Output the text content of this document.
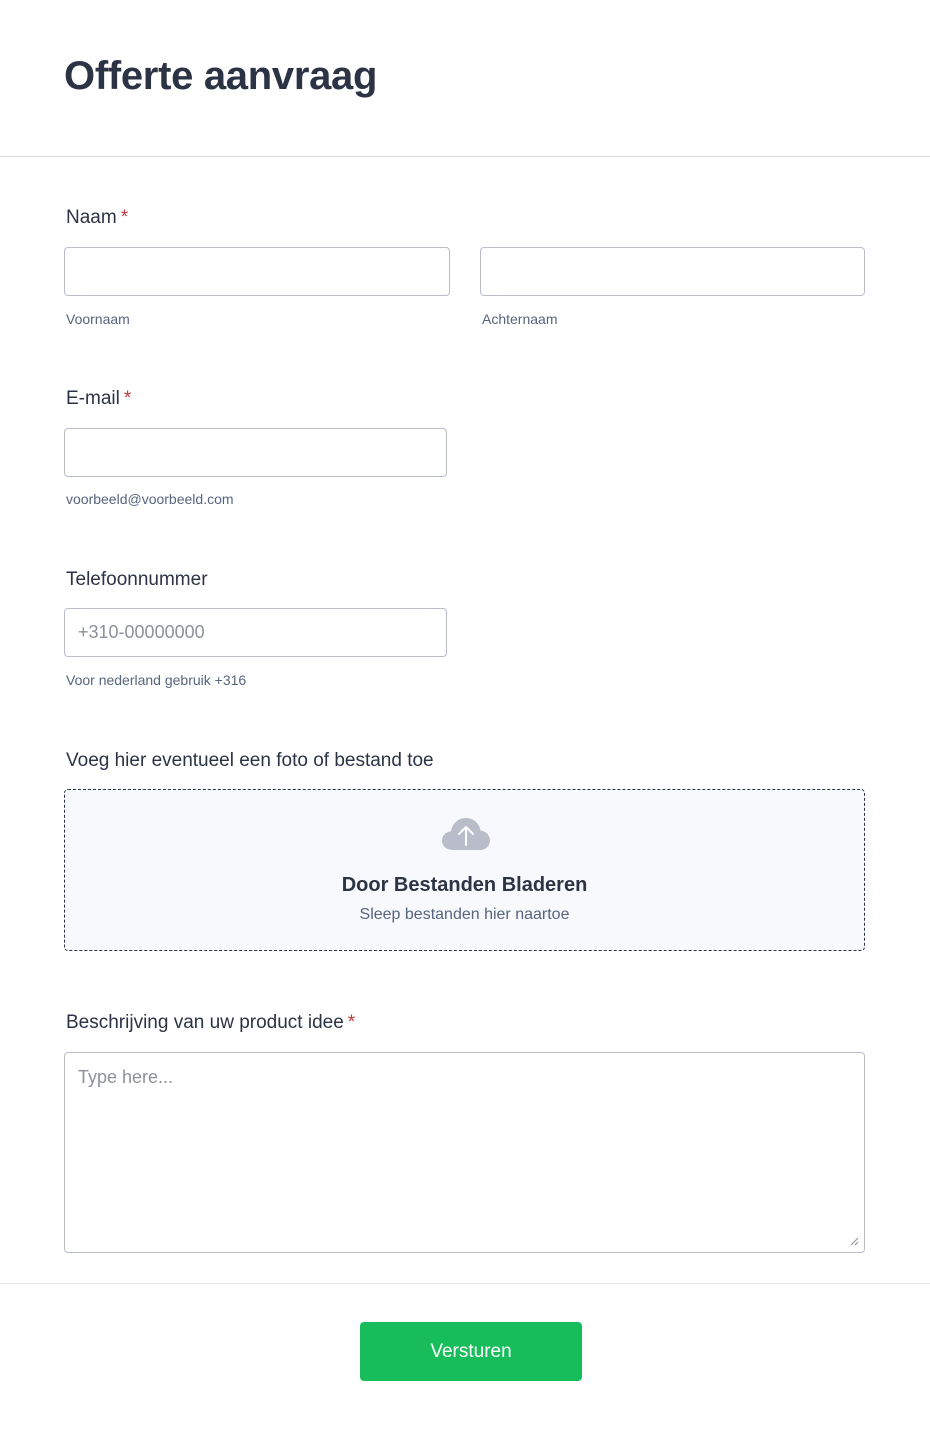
Offerte aanvraag
Naam *
Voornaam	Achternaam
E-mail *
voorbeeld@voorbeeld.com
Telefoonnummer
+310-00000000
Voor nederland gebruik +316
Voeg hier eventueel een foto of bestand toe
Door Bestanden Bladeren
Sleep bestanden hier naartoe
Beschrijving van uw product idee *
Type here...
Versturen
